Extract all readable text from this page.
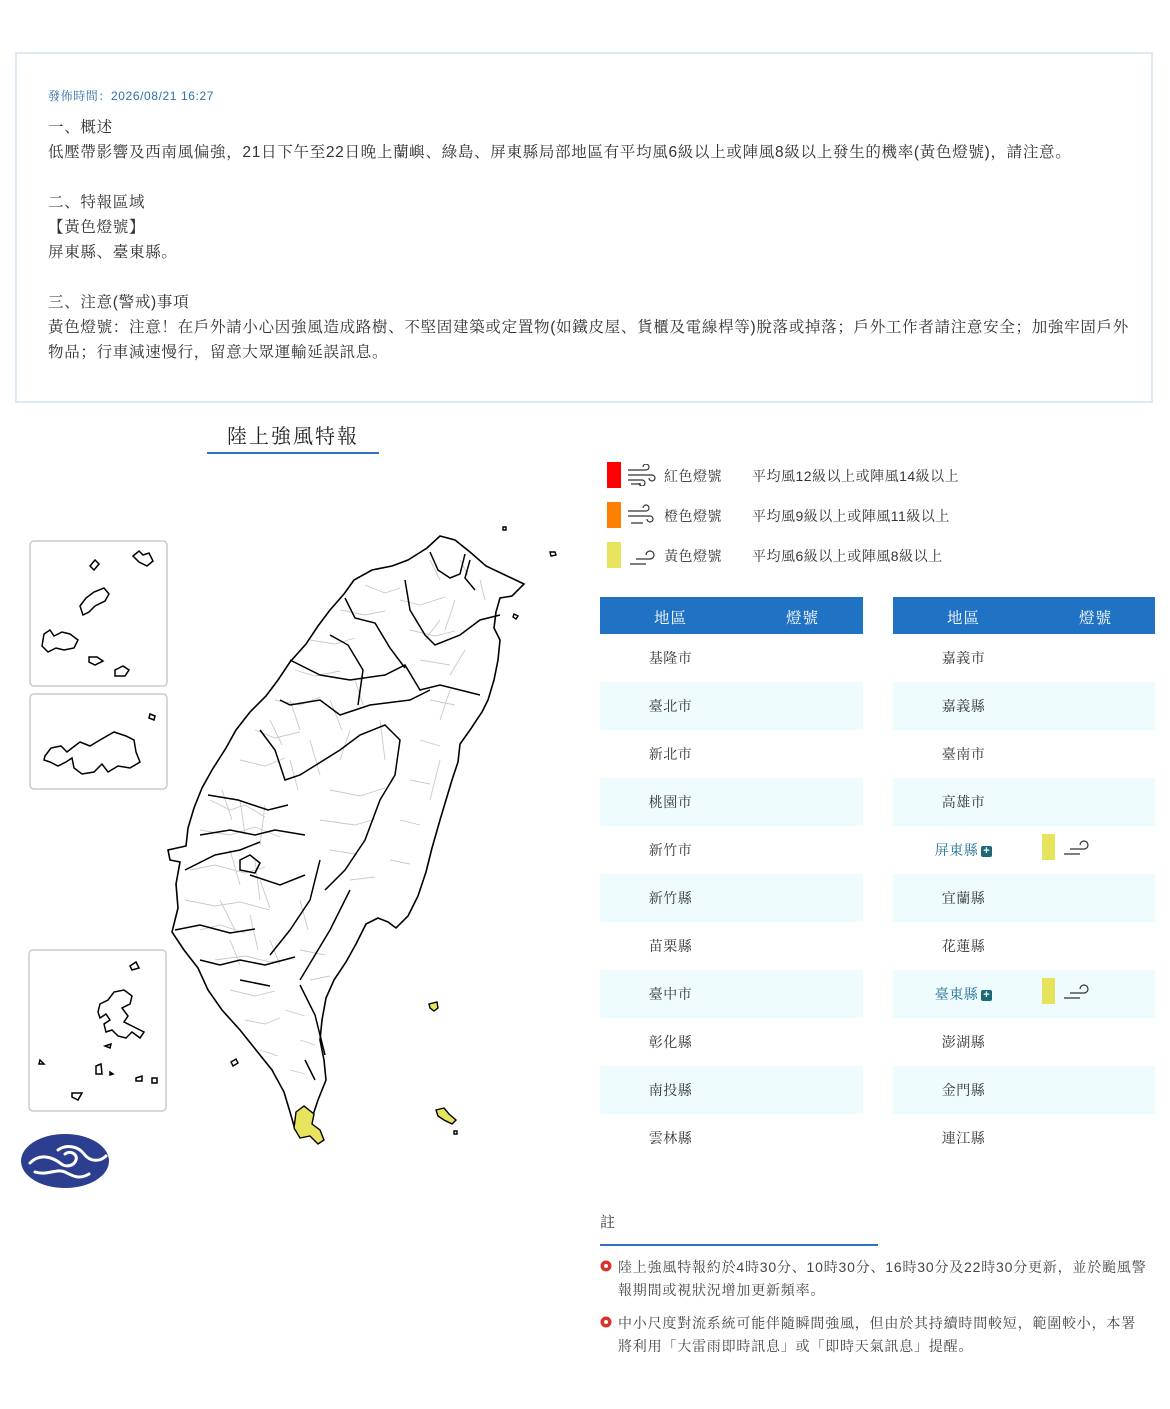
發佈時間：2026/08/21 16:27

一、概述

低壓帶影響及西南風偏強，21日下午至22日晚上蘭嶼、綠島、屏東縣局部地區有平均風6級以上或陣風8級以上發生的機率(黃色燈號)，請注意。

二、特報區域

【黃色燈號】

屏東縣、臺東縣。

三、注意(警戒)事項

黃色燈號：注意！在戶外請小心因強風造成路樹、不堅固建築或定置物(如鐵皮屋、貨櫃及電線桿等)脫落或掉落；戶外工作者請注意安全；加強牢固戶外物品；行車減速慢行，留意大眾運輸延誤訊息。

陸上強風特報
紅色燈號 平均風12級以上或陣風14級以上
橙色燈號 平均風9級以上或陣風11級以上
黃色燈號 平均風6級以上或陣風8級以上
地區	燈號
基隆市
臺北市
新北市
桃園市
新竹市
新竹縣
苗栗縣
臺中市
彰化縣
南投縣
雲林縣
地區	燈號
嘉義市
嘉義縣
臺南市
高雄市
屏東縣 +
宜蘭縣
花蓮縣
臺東縣 +
澎湖縣
金門縣
連江縣
註
陸上強風特報約於4時30分、10時30分、16時30分及22時30分更新，並於颱風警報期間或視狀況增加更新頻率。
中小尺度對流系統可能伴隨瞬間強風，但由於其持續時間較短，範圍較小，本署將利用「大雷雨即時訊息」或「即時天氣訊息」提醒。
